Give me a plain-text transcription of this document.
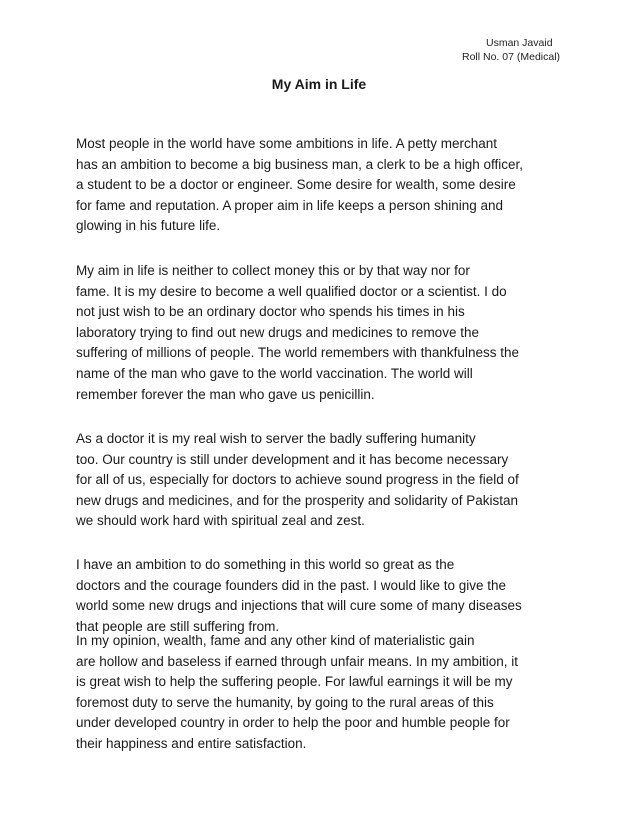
Usman Javaid
Roll No. 07 (Medical)
My Aim in Life

Most people in the world have some ambitions in life. A petty merchant
has an ambition to become a big business man, a clerk to be a high officer,
a student to be a doctor or engineer. Some desire for wealth, some desire
for fame and reputation. A proper aim in life keeps a person shining and
glowing in his future life.

My aim in life is neither to collect money this or by that way nor for
fame. It is my desire to become a well qualified doctor or a scientist. I do
not just wish to be an ordinary doctor who spends his times in his
laboratory trying to find out new drugs and medicines to remove the
suffering of millions of people. The world remembers with thankfulness the
name of the man who gave to the world vaccination. The world will
remember forever the man who gave us penicillin.

As a doctor it is my real wish to server the badly suffering humanity
too. Our country is still under development and it has become necessary
for all of us, especially for doctors to achieve sound progress in the field of
new drugs and medicines, and for the prosperity and solidarity of Pakistan
we should work hard with spiritual zeal and zest.

I have an ambition to do something in this world so great as the
doctors and the courage founders did in the past. I would like to give the
world some new drugs and injections that will cure some of many diseases
that people are still suffering from.

In my opinion, wealth, fame and any other kind of materialistic gain
are hollow and baseless if earned through unfair means. In my ambition, it
is great wish to help the suffering people. For lawful earnings it will be my
foremost duty to serve the humanity, by going to the rural areas of this
under developed country in order to help the poor and humble people for
their happiness and entire satisfaction.
